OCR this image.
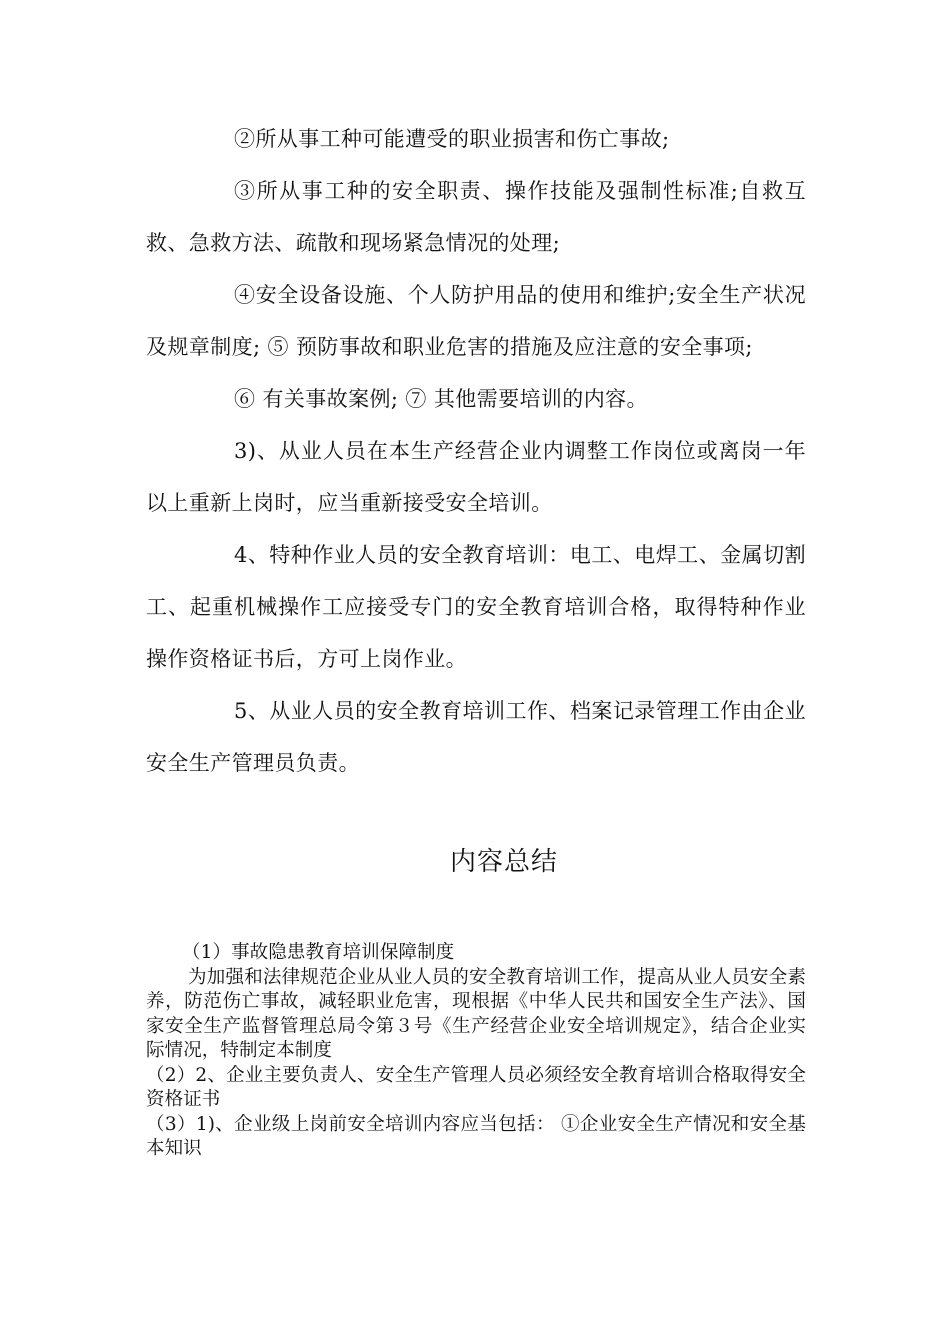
②所从事工种可能遭受的职业损害和伤亡事故;

③所从事工种的安全职责、操作技能及强制性标准;自救互救、急救方法、疏散和现场紧急情况的处理;

④安全设备设施、个人防护用品的使用和维护;安全生产状况及规章制度; ⑤ 预防事故和职业危害的措施及应注意的安全事项;

⑥ 有关事故案例; ⑦ 其他需要培训的内容。

3)、从业人员在本生产经营企业内调整工作岗位或离岗一年以上重新上岗时，应当重新接受安全培训。

4、特种作业人员的安全教育培训：电工、电焊工、金属切割工、起重机械操作工应接受专门的安全教育培训合格，取得特种作业操作资格证书后，方可上岗作业。

5、从业人员的安全教育培训工作、档案记录管理工作由企业安全生产管理员负责。

内容总结

（1）事故隐患教育培训保障制度

为加强和法律规范企业从业人员的安全教育培训工作，提高从业人员安全素养，防范伤亡事故，减轻职业危害，现根据《中华人民共和国安全生产法》、国家安全生产监督管理总局令第３号《生产经营企业安全培训规定》，结合企业实际情况，特制定本制度

（2）2、企业主要负责人、安全生产管理人员必须经安全教育培训合格取得安全资格证书

（3）1)、企业级上岗前安全培训内容应当包括： ①企业安全生产情况和安全基本知识
